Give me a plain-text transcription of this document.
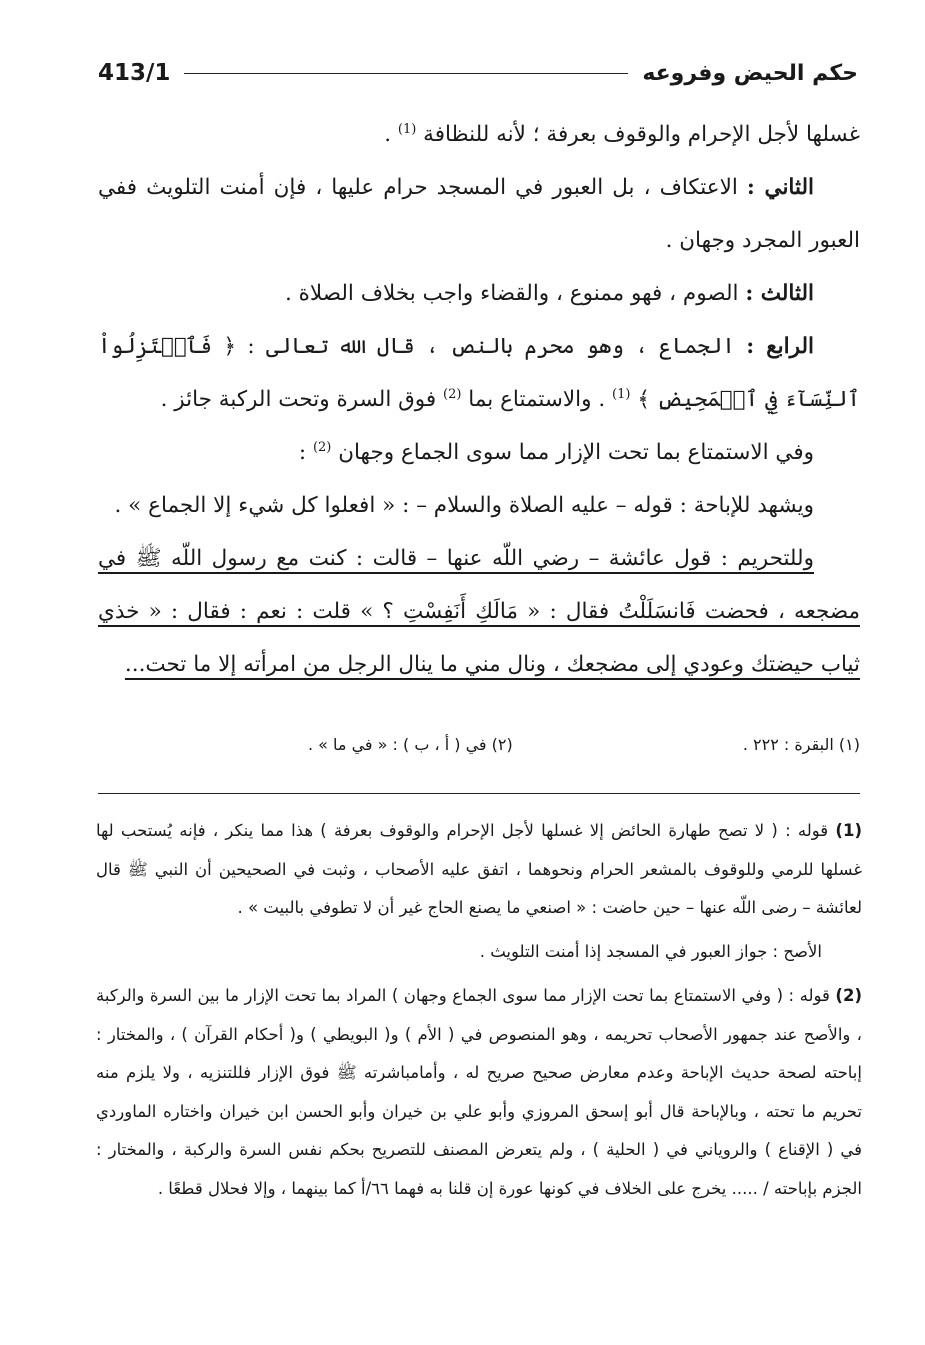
حكم الحيض وفروعه
413/1

غسلها لأجل الإحرام والوقوف بعرفة ؛ لأنه للنظافة $^{(1)}$ .

الثاني : الاعتكاف ، بل العبور في المسجد حرام عليها ، فإن أمنت التلويث ففي العبور المجرد وجهان .

الثالث : الصوم ، فهو ممنوع ، والقضاء واجب بخلاف الصلاة .

الرابع : الجماع ، وهو محرم بالنص ، قال الله تعالى : ﴿ فَٱعۡتَزِلُواْ ٱلنِّسَآءَ فِي ٱلۡمَحِيضِ ﴾ $^{(1)}$ . والاستمتاع بما $^{(2)}$ فوق السرة وتحت الركبة جائز .

وفي الاستمتاع بما تحت الإزار مما سوى الجماع وجهان $^{(2)}$ :

ويشهد للإباحة : قوله – عليه الصلاة والسلام – : « افعلوا كل شيء إلا الجماع » .

وللتحريم : قول عائشة – رضي اللّه عنها – قالت : كنت مع رسول اللّه ﷺ في مضجعه ، فحضت فَانسَلَلْتُ فقال : « مَالَكِ أَنَفِسْتِ ؟ » قلت : نعم : فقال : « خذي ثياب حيضتك وعودي إلى مضجعك ، ونال مني ما ينال الرجل من امرأته إلا ما تحت...

(١) البقرة : ٢٢٢ .
(٢) في ( أ ، ب ) : « في ما » .

(1) قوله : ( لا تصح طهارة الحائض إلا غسلها لأجل الإحرام والوقوف بعرفة ) هذا مما ينكر ، فإنه يُستحب لها غسلها للرمي وللوقوف بالمشعر الحرام ونحوهما ، اتفق عليه الأصحاب ، وثبت في الصحيحين أن النبي ﷺ قال لعائشة – رضى اللّه عنها – حين حاضت : « اصنعي ما يصنع الحاج غير أن لا تطوفي بالبيت » .

الأصح : جواز العبور في المسجد إذا أمنت التلويث .

(2) قوله : ( وفي الاستمتاع بما تحت الإزار مما سوى الجماع وجهان ) المراد بما تحت الإزار ما بين السرة والركبة ، والأصح عند جمهور الأصحاب تحريمه ، وهو المنصوص في ( الأم ) و( البويطي ) و( أحكام القرآن ) ، والمختار : إباحته لصحة حديث الإباحة وعدم معارض صحيح صريح له ، وأمامباشرته ﷺ فوق الإزار فللتنزيه ، ولا يلزم منه تحريم ما تحته ، وبالإباحة قال أبو إسحق المروزي وأبو علي بن خيران وأبو الحسن ابن خيران واختاره الماوردي في ( الإقناع ) والروياني في ( الحلية ) ، ولم يتعرض المصنف للتصريح بحكم نفس السرة والركبة ، والمختار : الجزم بإباحته / ..... يخرج على الخلاف في كونها عورة إن قلنا به فهما ٦٦/أ كما بينهما ، وإلا فحلال قطعًا .
